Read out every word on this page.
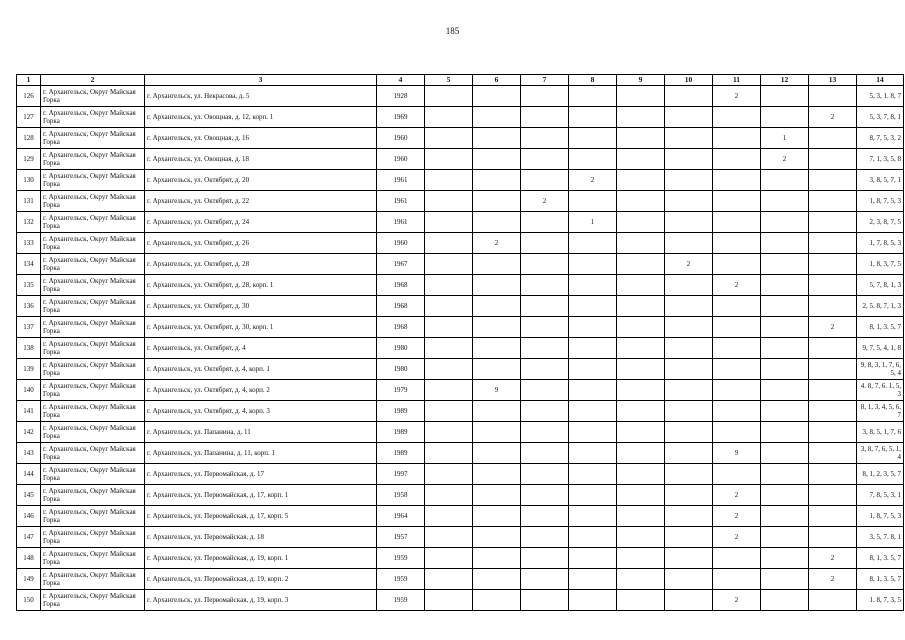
185
1	2	3	4	5	6	7	8	9	10	11	12	13	14
126	г. Архангельск, Округ Майская Горка	г. Архангельск, ул. Некрасова, д. 5	1928							2			5, 3, 1. 8, 7
127	г. Архангельск, Округ Майская Горка	г. Архангельск, ул. Овощная, д. 12, корп. 1	1969									2	5, 3, 7, 8, 1
128	г. Архангельск, Округ Майская Горка	г. Архангельск, ул. Овощная, д. 16	1960								1		8, 7, 5, 3, 2
129	г. Архангельск, Округ Майская Горка	г. Архангельск, ул. Овощная, д. 18	1960								2		7, 1, 3, 5, 8
130	г. Архангельск, Округ Майская Горка	г. Архангельск, ул. Октябрят, д. 20	1961				2						3, 8, 5, 7, 1
131	г. Архангельск, Округ Майская Горка	г. Архангельск, ул. Октябрят, д. 22	1961			2							1, 8, 7, 5, 3
132	г. Архангельск, Округ Майская Горка	г. Архангельск, ул. Октябрят, д. 24	1961				1						2, 3, 8, 7, 5
133	г. Архангельск, Округ Майская Горка	г. Архангельск, ул. Октябрят, д. 26	1960		2								1, 7, 8, 5, 3
134	г. Архангельск, Округ Майская Горка	г. Архангельск, ул. Октябрят, д. 28	1967						2				1, 8, 3, 7, 5
135	г. Архангельск, Округ Майская Горка	г. Архангельск, ул. Октябрят, д. 28, корп. 1	1968							2			5, 7, 8, 1, 3
136	г. Архангельск, Округ Майская Горка	г. Архангельск, ул. Октябрят, д. 30	1968										2, 5. 8, 7, 1, 3
137	г. Архангельск, Округ Майская Горка	г. Архангельск, ул. Октябрят, д. 30, корп. 1	1968									2	8, 1, 3. 5, 7
138	г. Архангельск, Округ Майская Горка	г. Архангельск, ул. Октябрят, д. 4	1980										9, 7, 5, 4, 1, 8
139	г. Архангельск, Округ Майская Горка	г. Архангельск, ул. Октябрят, д. 4, корп. 1	1980										9, 8, 3, 1, 7, 6, 5, 4
140	г. Архангельск, Округ Майская Горка	г. Архангельск, ул. Октябрят, д. 4, корп. 2	1979		9								4. 8, 7, 6. 1, 5, 3
141	г. Архангельск, Округ Майская Горка	г. Архангельск, ул. Октябрят, д. 4, корп. 3	1989										8, 1, 3, 4, 5, 6, 7
142	г. Архангельск, Округ Майская Горка	г. Архангельск, ул. Папанина, д. 11	1989										3, 8, 5, 1, 7, 6
143	г. Архангельск, Округ Майская Горка	г. Архангельск, ул. Папанина, д. 11, корп. 1	1989							9			3, 8, 7, 6, 5, 1, 4
144	г. Архангельск, Округ Майская Горка	г. Архангельск, ул. Первомайская, д. 17	1997										8, 1, 2, 3, 5, 7
145	г. Архангельск, Округ Майская Горка	г. Архангельск, ул. Первомайская, д. 17, корп. 1	1958							2			7, 8, 5, 3, 1
146	г. Архангельск, Округ Майская Горка	г. Архангельск, ул. Первомайская, д. 17, корп. 5	1964							2			1, 8, 7, 5, 3
147	г. Архангельск, Округ Майская Горка	г. Архангельск, ул. Первомайская, д. 18	1957							2			3, 5, 7. 8, 1
148	г. Архангельск, Округ Майская Горка	г. Архангельск, ул. Первомайская, д. 19, корп. 1	1959									2	8, 1, 3. 5, 7
149	г. Архангельск, Округ Майская Горка	г. Архангельск, ул. Первомайская, д. 19, корп. 2	1959									2	8, 1, 3. 5, 7
150	г. Архангельск, Округ Майская Горка	г. Архангельск, ул. Первомайская, д. 19, корп. 3	1959							2			1. 8, 7, 3, 5
